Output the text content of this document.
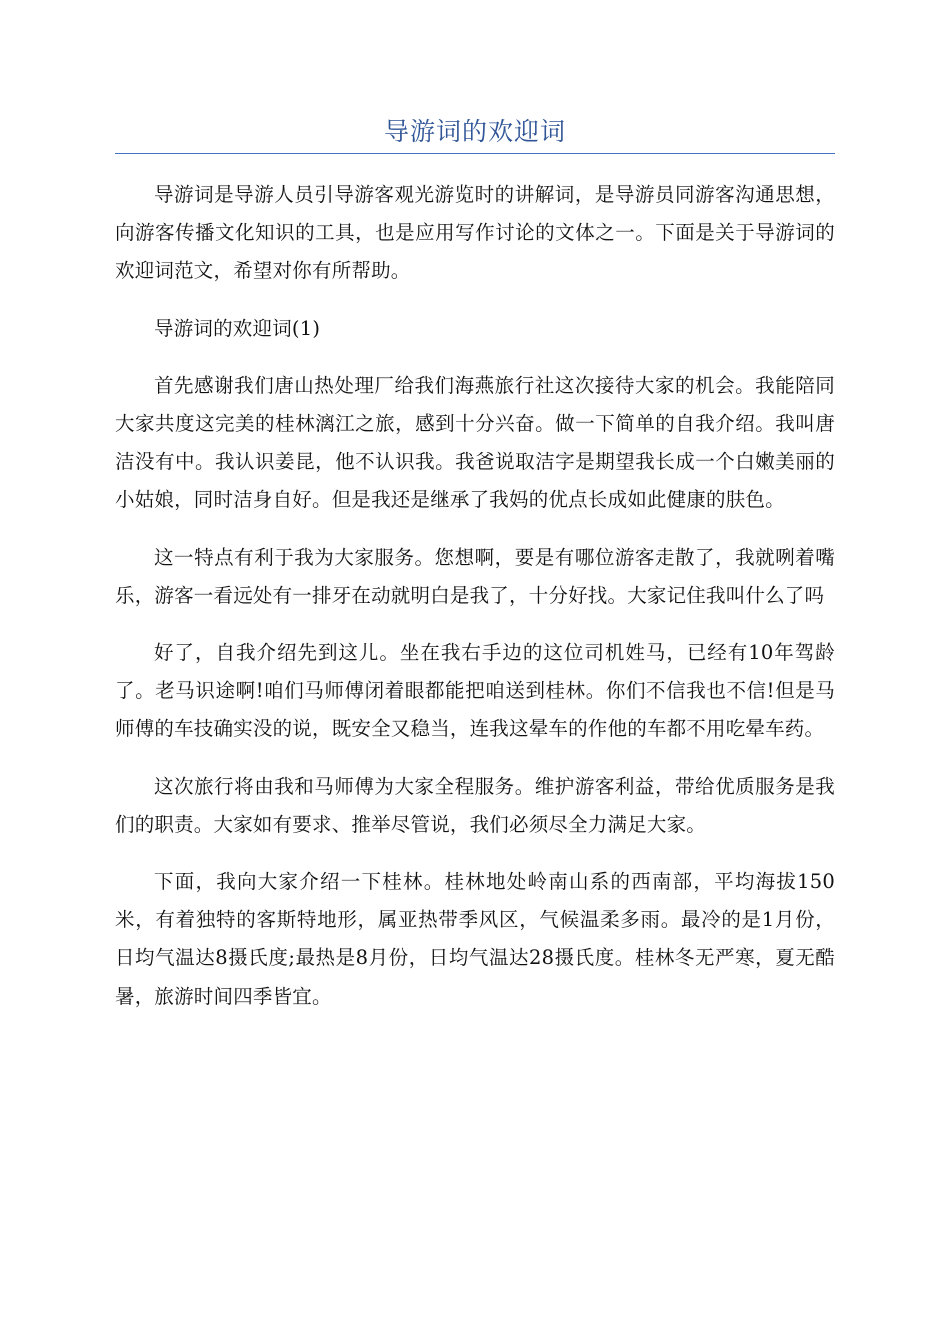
导游词的欢迎词

导游词是导游人员引导游客观光游览时的讲解词，是导游员同游客沟通思想，向游客传播文化知识的工具，也是应用写作讨论的文体之一。下面是关于导游词的欢迎词范文，希望对你有所帮助。

导游词的欢迎词(1)

首先感谢我们唐山热处理厂给我们海燕旅行社这次接待大家的机会。我能陪同大家共度这完美的桂林漓江之旅，感到十分兴奋。做一下简单的自我介绍。我叫唐洁没有中。我认识姜昆，他不认识我。我爸说取洁字是期望我长成一个白嫩美丽的小姑娘，同时洁身自好。但是我还是继承了我妈的优点长成如此健康的肤色。

这一特点有利于我为大家服务。您想啊，要是有哪位游客走散了，我就咧着嘴乐，游客一看远处有一排牙在动就明白是我了，十分好找。大家记住我叫什么了吗

好了，自我介绍先到这儿。坐在我右手边的这位司机姓马，已经有10年驾龄了。老马识途啊!咱们马师傅闭着眼都能把咱送到桂林。你们不信我也不信!但是马师傅的车技确实没的说，既安全又稳当，连我这晕车的作他的车都不用吃晕车药。

这次旅行将由我和马师傅为大家全程服务。维护游客利益，带给优质服务是我们的职责。大家如有要求、推举尽管说，我们必须尽全力满足大家。

下面，我向大家介绍一下桂林。桂林地处岭南山系的西南部，平均海拔150米，有着独特的客斯特地形，属亚热带季风区，气候温柔多雨。最冷的是1月份，日均气温达8摄氏度;最热是8月份，日均气温达28摄氏度。桂林冬无严寒，夏无酷暑，旅游时间四季皆宜。
